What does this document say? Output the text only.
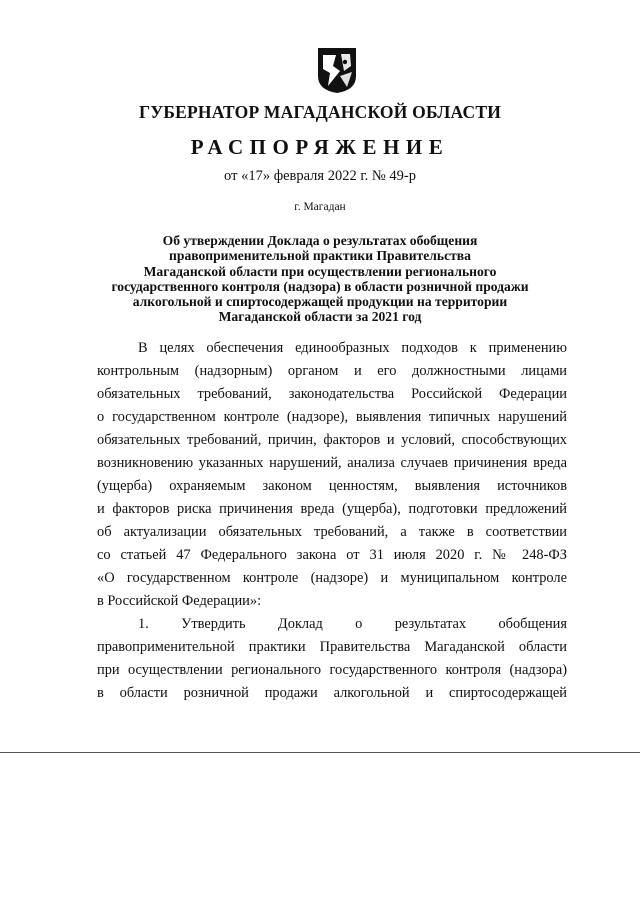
ГУБЕРНАТОР МАГАДАНСКОЙ ОБЛАСТИ
РАСПОРЯЖЕНИЕ
от «17» февраля 2022 г. № 49-р
г. Магадан
Об утверждении Доклада о результатах обобщения
правоприменительной практики Правительства
Магаданской области при осуществлении регионального
государственного контроля (надзора) в области розничной продажи
алкогольной и спиртосодержащей продукции на территории
Магаданской области за 2021 год
В целях обеспечения единообразных подходов к применению
контрольным (надзорным) органом и его должностными лицами
обязательных требований, законодательства Российской Федерации
о государственном контроле (надзоре), выявления типичных нарушений
обязательных требований, причин, факторов и условий, способствующих
возникновению указанных нарушений, анализа случаев причинения вреда
(ущерба) охраняемым законом ценностям, выявления источников
и факторов риска причинения вреда (ущерба), подготовки предложений
об актуализации обязательных требований, а также в соответствии
со статьей 47 Федерального закона от 31 июля 2020 г. № 248-ФЗ
«О государственном контроле (надзоре) и муниципальном контроле
в Российской Федерации»:
1. Утвердить Доклад о результатах обобщения
правоприменительной практики Правительства Магаданской области
при осуществлении регионального государственного контроля (надзора)
в области розничной продажи алкогольной и спиртосодержащей
